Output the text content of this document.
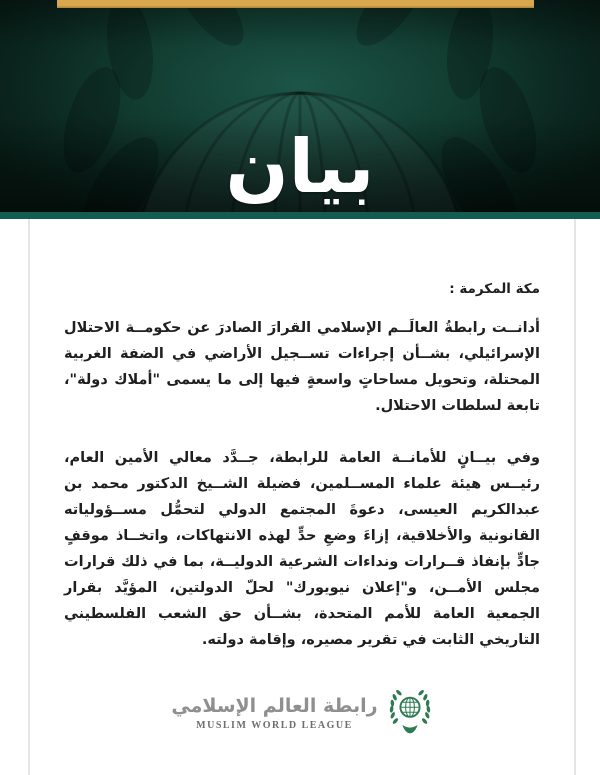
بيان

مكة المكرمة :

أدانــت رابطةُ العالَــم الإسلامي القرارَ الصادرَ عن حكومــة الاحتلال الإسرائيلي، بشــأن إجراءات تســجيل الأراضي في الضفة الغربية المحتلة، وتحويل مساحاتٍ واسعةٍ فيها إلى ما يسمى "أملاك دولة"، تابعة لسلطات الاحتلال.

وفي بيــانٍ للأمانــة العامة للرابطة، جــدَّد معالي الأمين العام، رئيــس هيئة علماء المســلمين، فضيلة الشــيخ الدكتور محمد بن عبدالكريم العيسى، دعوةَ المجتمع الدولي لتحمُّل مســؤولياته القانونية والأخلاقية، إزاءَ وضعِ حدٍّ لهذه الانتهاكات، واتخــاذ موقفٍ جادٍّ بإنفاذ قــرارات ونداءات الشرعية الدوليــة، بما في ذلك قرارات مجلس الأمــن، و"إعلان نيويورك" لحلّ الدولتين، المؤيَّد بقرار الجمعية العامة للأمم المتحدة، بشــأن حق الشعب الفلسطيني التاريخي الثابت في تقرير مصيره، وإقامة دولته.

رابطة العالم الإسلامي
MUSLIM WORLD LEAGUE
